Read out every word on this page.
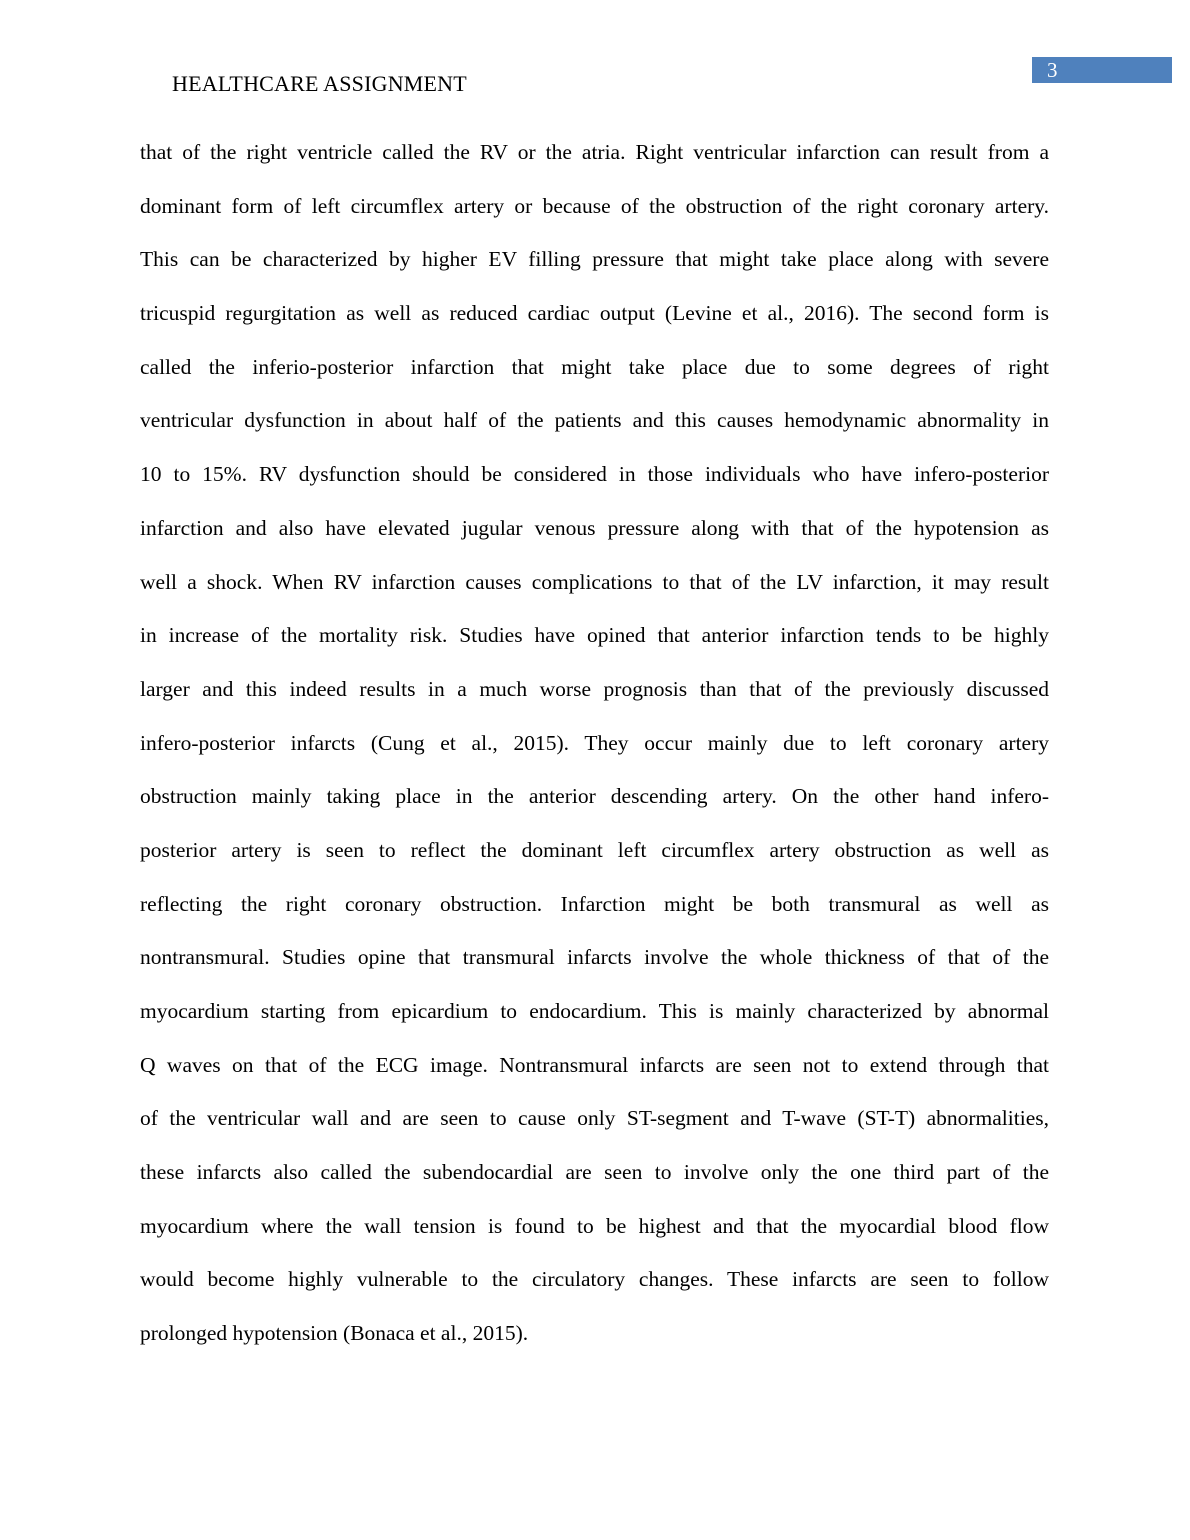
HEALTHCARE ASSIGNMENT
3
that of the right ventricle called the RV or the atria. Right ventricular infarction can result from a
dominant form of left circumflex artery or because of the obstruction of the right coronary artery.
This can be characterized by higher EV filling pressure that might take place along with severe
tricuspid regurgitation as well as reduced cardiac output (Levine et al., 2016). The second form is
called the inferio-posterior infarction that might take place due to some degrees of right
ventricular dysfunction in about half of the patients and this causes hemodynamic abnormality in
10 to 15%. RV dysfunction should be considered in those individuals who have infero-posterior
infarction and also have elevated jugular venous pressure along with that of the hypotension as
well a shock. When RV infarction causes complications to that of the LV infarction, it may result
in increase of the mortality risk. Studies have opined that anterior infarction tends to be highly
larger and this indeed results in a much worse prognosis than that of the previously discussed
infero-posterior infarcts (Cung et al., 2015). They occur mainly due to left coronary artery
obstruction mainly taking place in the anterior descending artery. On the other hand infero-
posterior artery is seen to reflect the dominant left circumflex artery obstruction as well as
reflecting the right coronary obstruction. Infarction might be both transmural as well as
nontransmural. Studies opine that transmural infarcts involve the whole thickness of that of the
myocardium starting from epicardium to endocardium. This is mainly characterized by abnormal
Q waves on that of the ECG image. Nontransmural infarcts are seen not to extend through that
of the ventricular wall and are seen to cause only ST-segment and T-wave (ST-T) abnormalities,
these infarcts also called the subendocardial are seen to involve only the one third part of the
myocardium where the wall tension is found to be highest and that the myocardial blood flow
would become highly vulnerable to the circulatory changes. These infarcts are seen to follow
prolonged hypotension (Bonaca et al., 2015).
